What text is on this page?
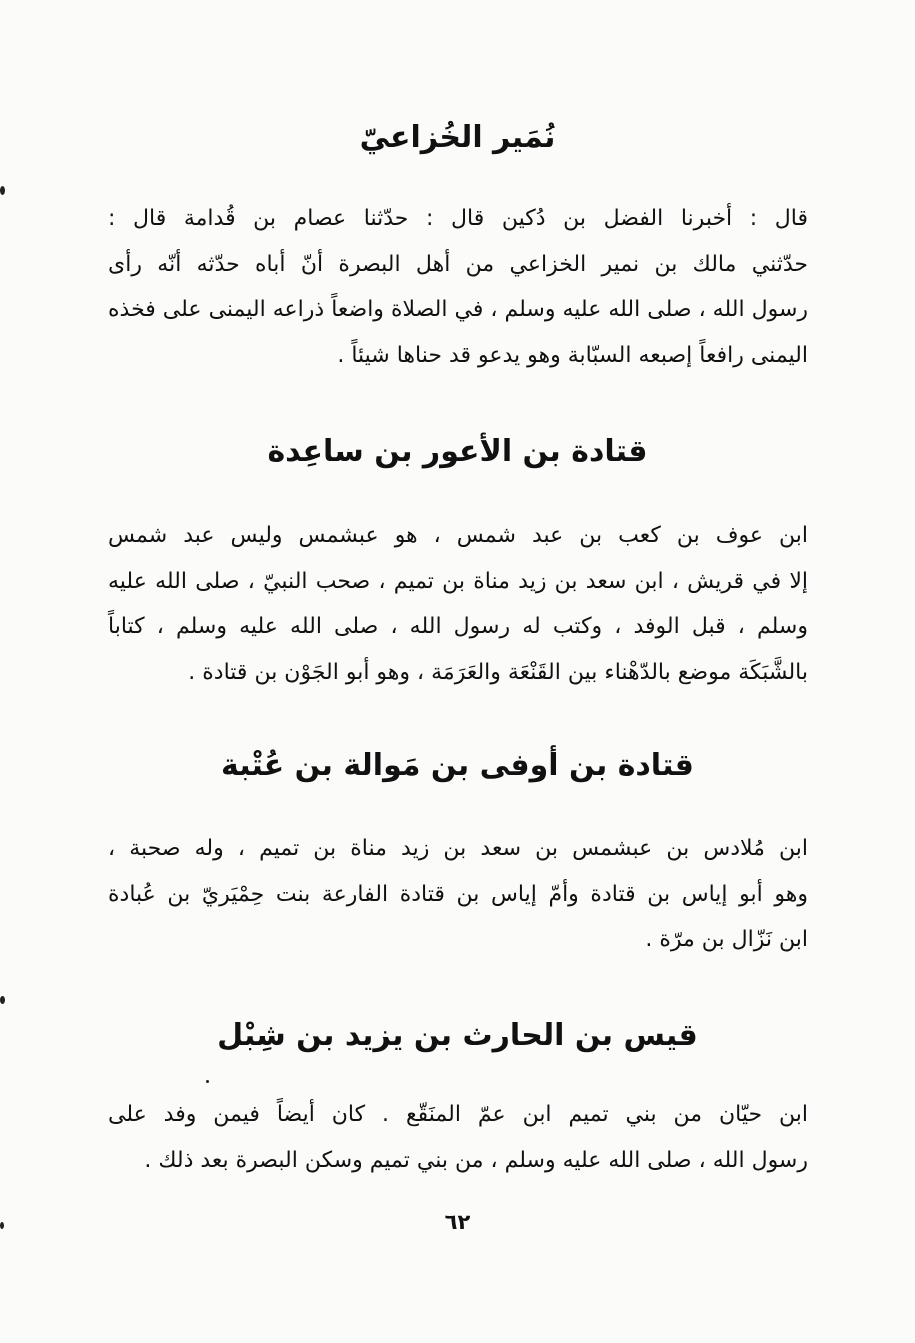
نُمَير الخُزاعيّ
قال : أخبرنا الفضل بن دُكين قال : حدّثنا عصام بن قُدامة قال :
حدّثني مالك بن نمير الخزاعي من أهل البصرة أنّ أباه حدّثه أنّه رأى
رسول الله ، صلى الله عليه وسلم ، في الصلاة واضعاً ذراعه اليمنى على فخذه
اليمنى رافعاً إصبعه السبّابة وهو يدعو قد حناها شيئاً .
قتادة بن الأعور بن ساعِدة
ابن عوف بن كعب بن عبد شمس ، هو عبشمس وليس عبد شمس
إلا في قريش ، ابن سعد بن زيد مناة بن تميم ، صحب النبيّ ، صلى الله عليه
وسلم ، قبل الوفد ، وكتب له رسول الله ، صلى الله عليه وسلم ، كتاباً
بالشَّبَكَة موضع بالدّهْناء بين القَنْعَة والعَرَمَة ، وهو أبو الجَوْن بن قتادة .
قتادة بن أوفى بن مَوالة بن عُتْبة
ابن مُلادس بن عبشمس بن سعد بن زيد مناة بن تميم ، وله صحبة ،
وهو أبو إياس بن قتادة وأمّ إياس بن قتادة الفارعة بنت حِمْيَريّ بن عُبادة
ابن نَزّال بن مرّة .
قيس بن الحارث بن يزيد بن شِبْل
ابن حيّان من بني تميم ابن عمّ المنَقّع . كان أيضاً فيمن وفد على
رسول الله ، صلى الله عليه وسلم ، من بني تميم وسكن البصرة بعد ذلك .
٦٢
